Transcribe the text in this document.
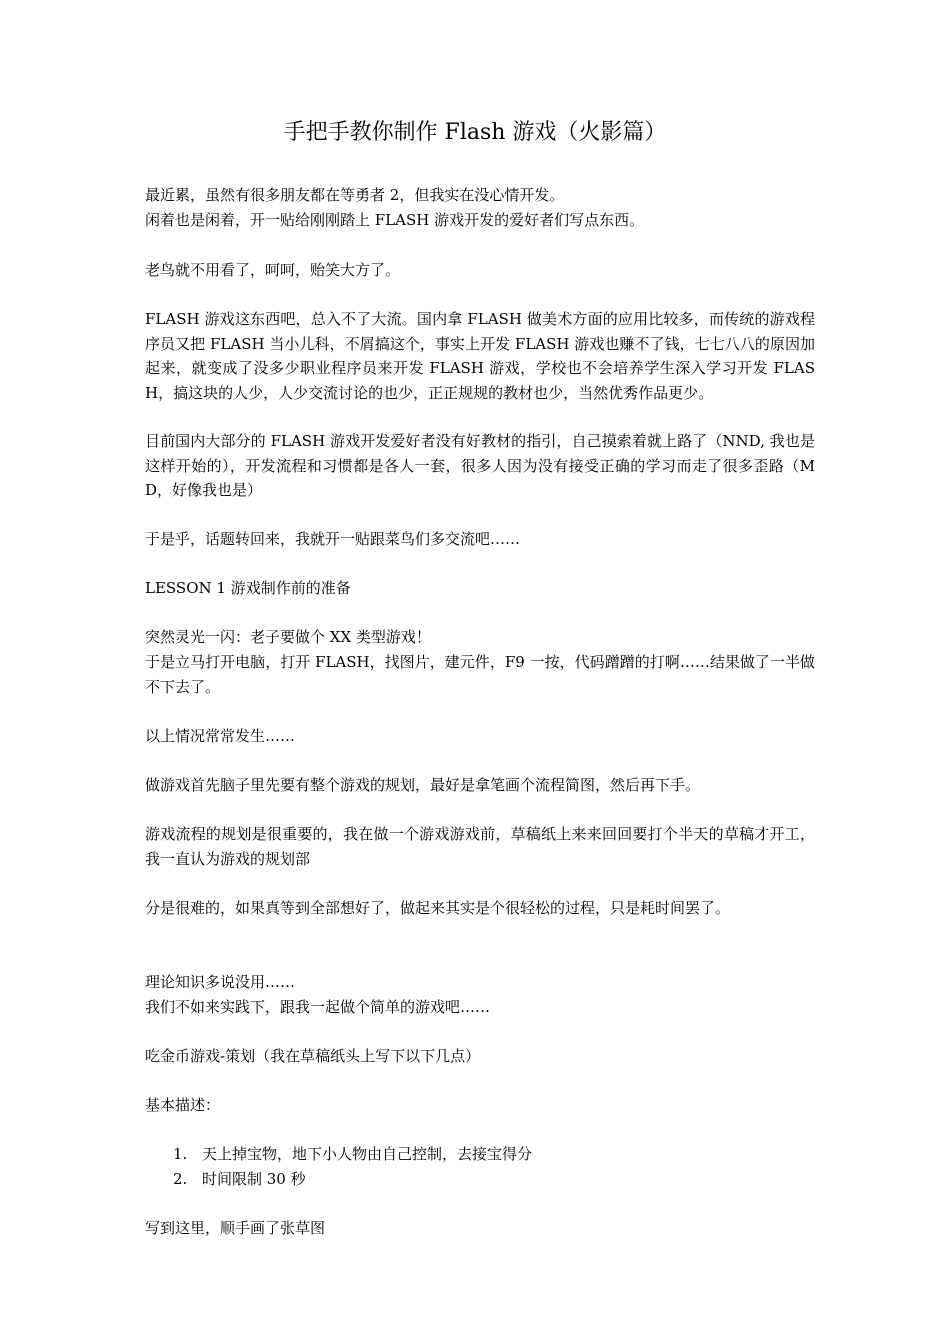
手把手教你制作 Flash 游戏（火影篇）

最近累，虽然有很多朋友都在等勇者 2，但我实在没心情开发。

闲着也是闲着，开一贴给刚刚踏上 FLASH 游戏开发的爱好者们写点东西。

老鸟就不用看了，呵呵，贻笑大方了。

FLASH 游戏这东西吧，总入不了大流。国内拿 FLASH 做美术方面的应用比较多，而传统的游戏程序员又把 FLASH 当小儿科，不屑搞这个，事实上开发 FLASH 游戏也赚不了钱，七七八八的原因加起来，就变成了没多少职业程序员来开发 FLASH 游戏，学校也不会培养学生深入学习开发 FLASH，搞这块的人少，人少交流讨论的也少，正正规规的教材也少，当然优秀作品更少。

目前国内大部分的 FLASH 游戏开发爱好者没有好教材的指引，自己摸索着就上路了（NND, 我也是这样开始的），开发流程和习惯都是各人一套，很多人因为没有接受正确的学习而走了很多歪路（MD，好像我也是）

于是乎，话题转回来，我就开一贴跟菜鸟们多交流吧……

LESSON 1 游戏制作前的准备

突然灵光一闪：老子要做个 XX 类型游戏！

于是立马打开电脑，打开 FLASH，找图片，建元件，F9 一按，代码蹭蹭的打啊……结果做了一半做不下去了。

以上情况常常发生……

做游戏首先脑子里先要有整个游戏的规划，最好是拿笔画个流程简图，然后再下手。

游戏流程的规划是很重要的，我在做一个游戏游戏前，草稿纸上来来回回要打个半天的草稿才开工，我一直认为游戏的规划部

分是很难的，如果真等到全部想好了，做起来其实是个很轻松的过程，只是耗时间罢了。

理论知识多说没用……

我们不如来实践下，跟我一起做个简单的游戏吧……

吃金币游戏-策划（我在草稿纸头上写下以下几点）

基本描述：

1. 天上掉宝物，地下小人物由自己控制，去接宝得分
2. 时间限制 30 秒

写到这里，顺手画了张草图
